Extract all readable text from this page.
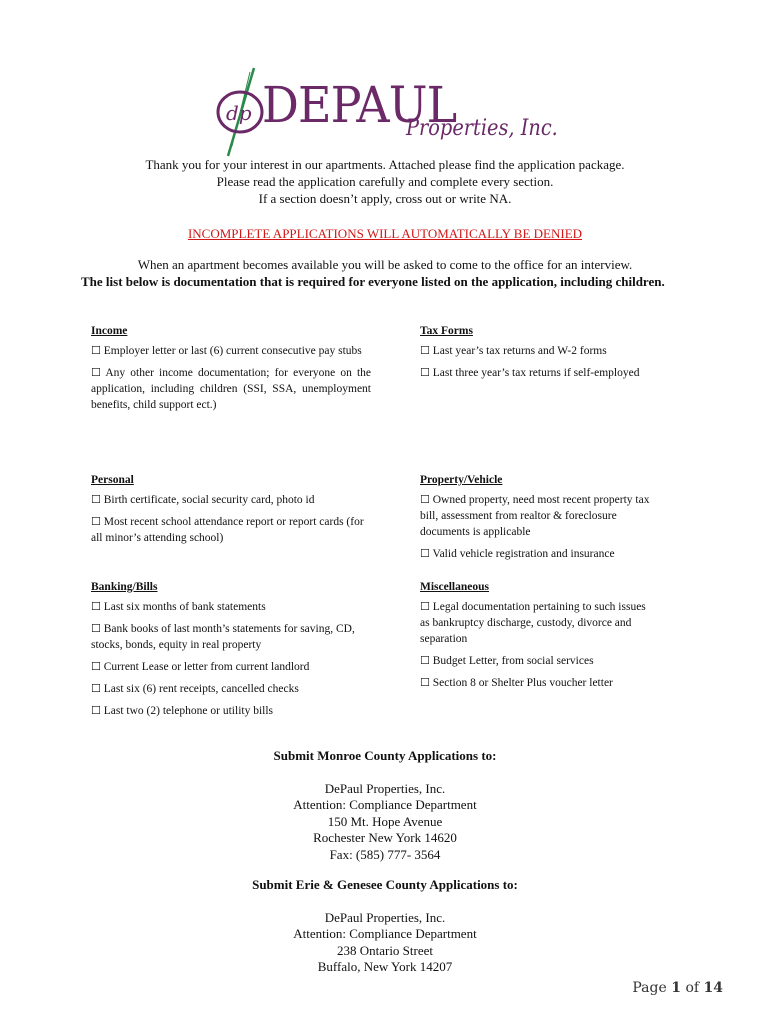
dp DEPAUL
Properties, Inc.
Thank you for your interest in our apartments. Attached please find the application package.
Please read the application carefully and complete every section.
If a section doesn’t apply, cross out or write NA.
INCOMPLETE APPLICATIONS WILL AUTOMATICALLY BE DENIED
When an apartment becomes available you will be asked to come to the office for an interview.
The list below is documentation that is required for everyone listed on the application, including children.
Income
☐ Employer letter or last (6) current consecutive pay stubs
☐ Any other income documentation; for everyone on the application, including children (SSI, SSA, unemployment benefits, child support ect.)
Tax Forms
☐ Last year’s tax returns and W-2 forms
☐ Last three year’s tax returns if self-employed
Personal
☐ Birth certificate, social security card, photo id
☐ Most recent school attendance report or report cards (for all minor’s attending school)
Property/Vehicle
☐ Owned property, need most recent property tax bill, assessment from realtor & foreclosure documents is applicable
☐ Valid vehicle registration and insurance
Banking/Bills
☐ Last six months of bank statements
☐ Bank books of last month’s statements for saving, CD, stocks, bonds, equity in real property
☐ Current Lease or letter from current landlord
☐ Last six (6) rent receipts, cancelled checks
☐ Last two (2) telephone or utility bills
Miscellaneous
☐ Legal documentation pertaining to such issues as bankruptcy discharge, custody, divorce and separation
☐ Budget Letter, from social services
☐ Section 8 or Shelter Plus voucher letter
Submit Monroe County Applications to:
DePaul Properties, Inc.
Attention: Compliance Department
150 Mt. Hope Avenue
Rochester New York 14620
Fax: (585) 777- 3564
Submit Erie & Genesee County Applications to:
DePaul Properties, Inc.
Attention: Compliance Department
238 Ontario Street
Buffalo, New York 14207
Page 1 of 14
